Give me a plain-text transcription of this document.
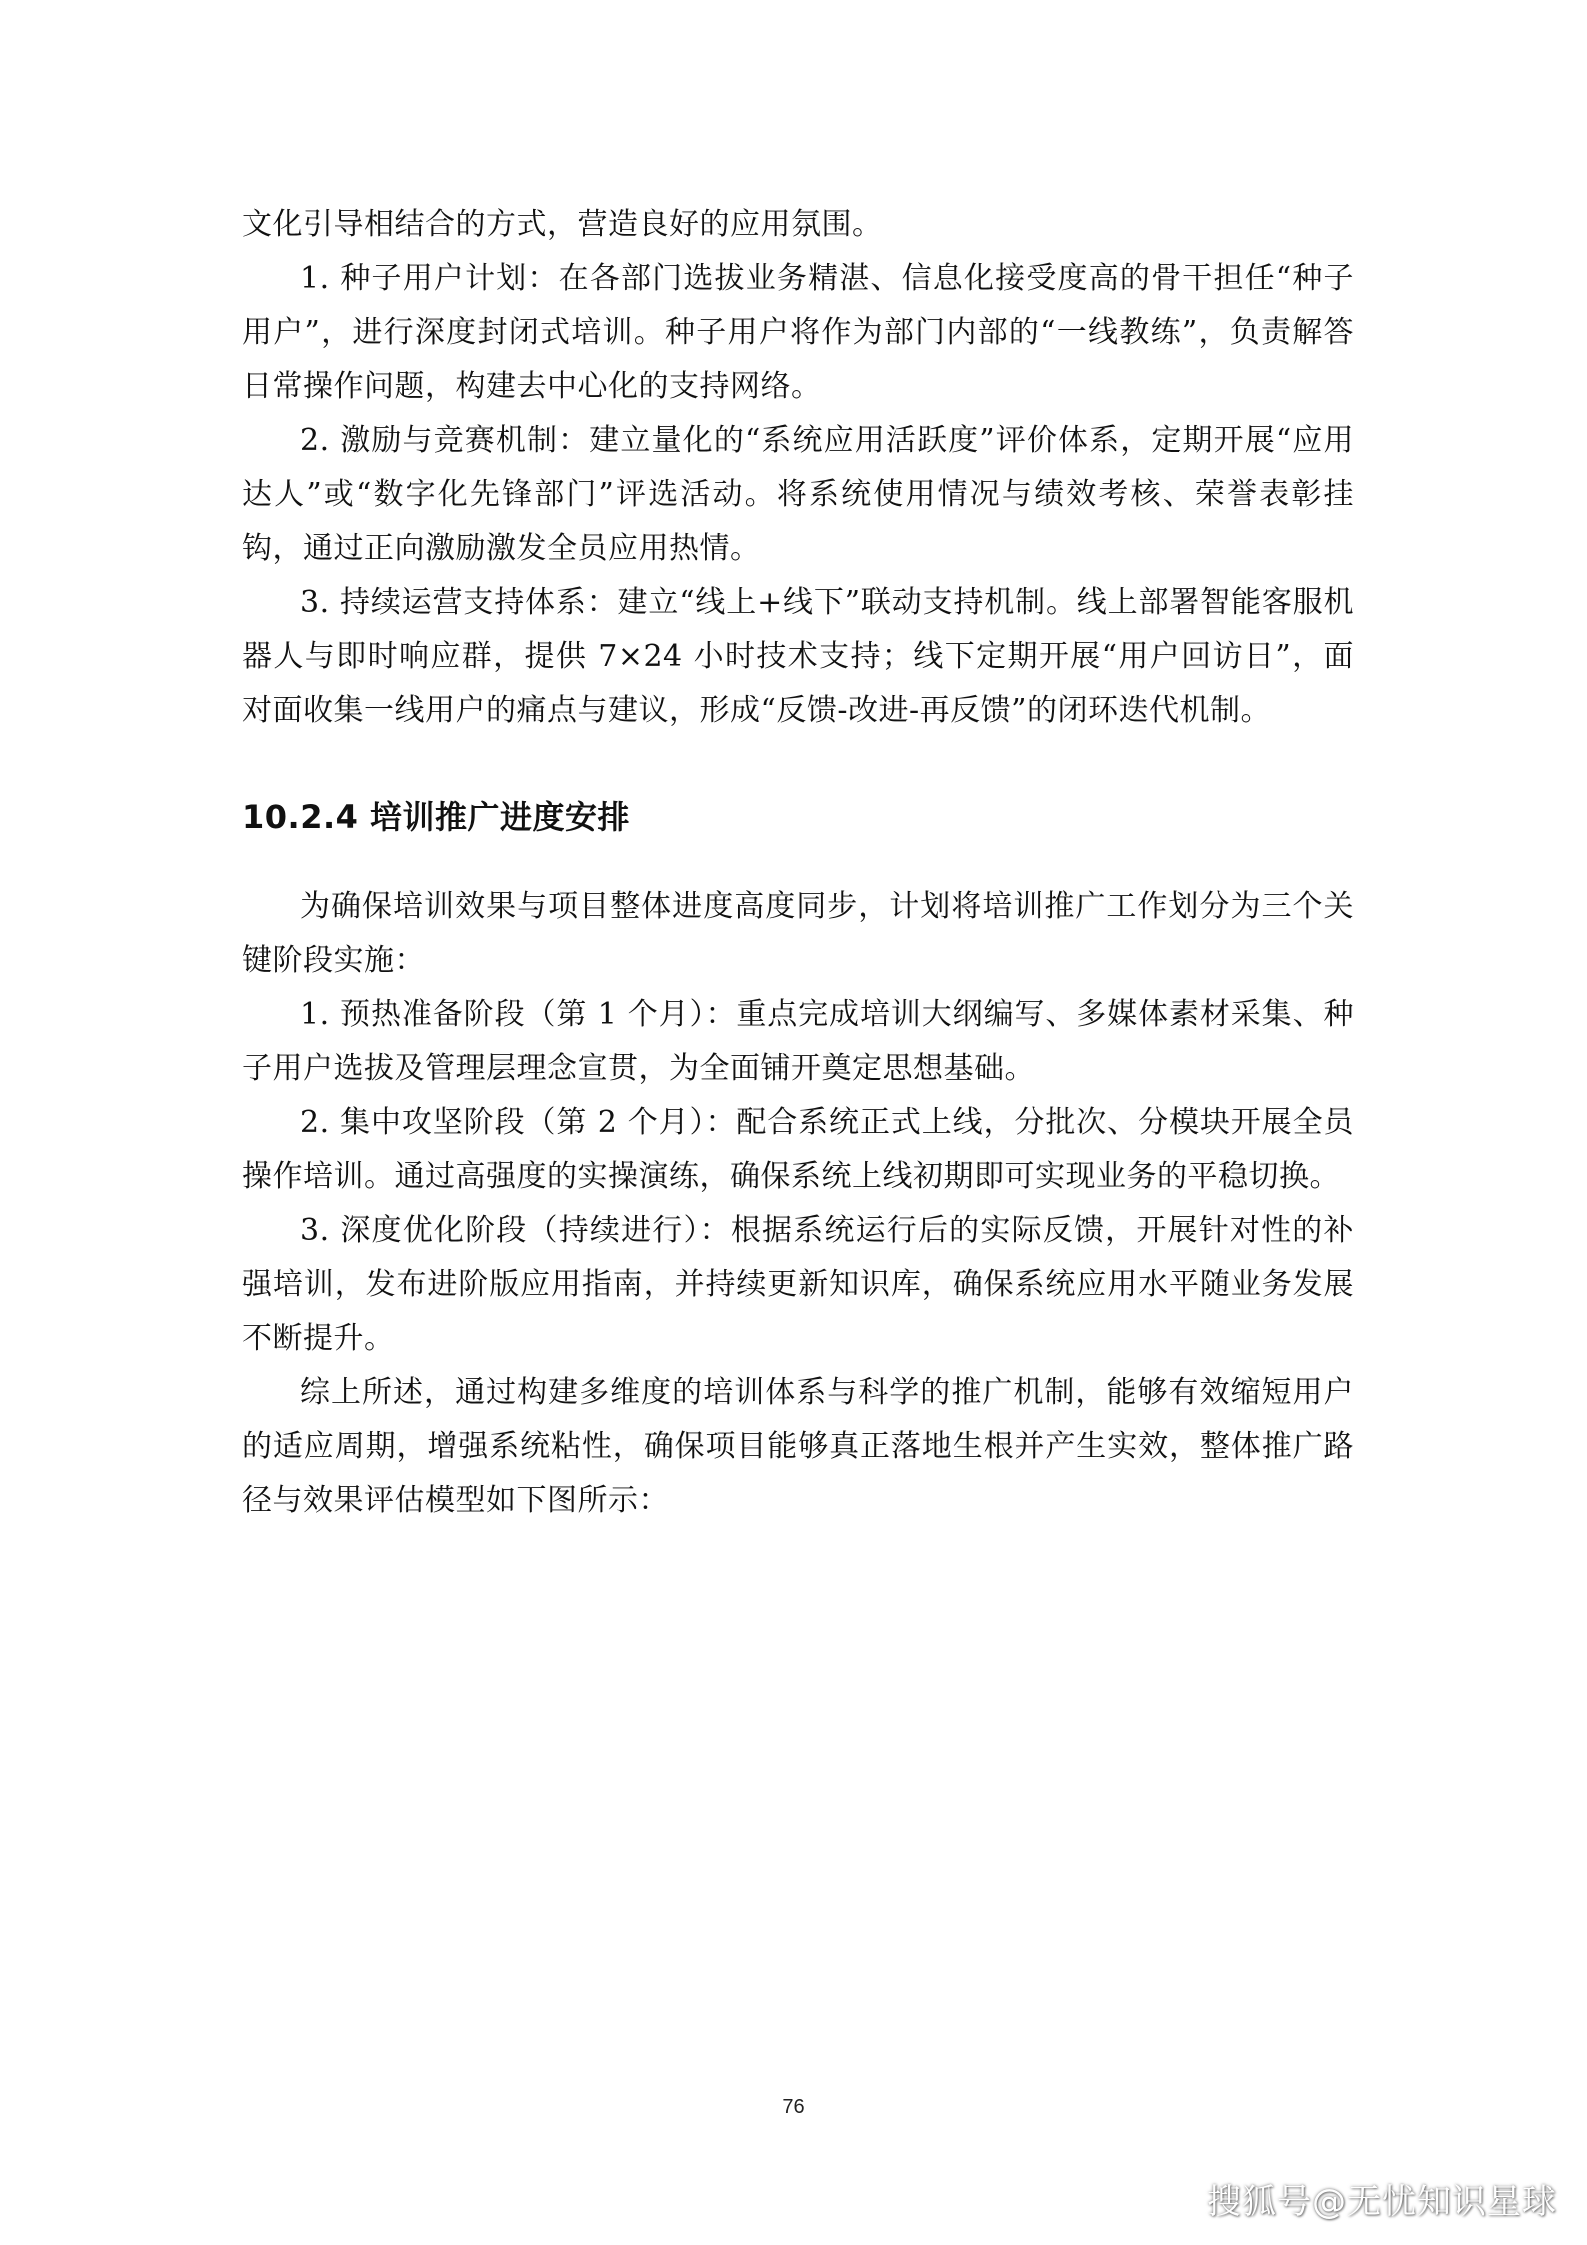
文化引导相结合的方式，营造良好的应用氛围。

1. 种子用户计划：在各部门选拔业务精湛、信息化接受度高的骨干担任“种子用户”，进行深度封闭式培训。种子用户将作为部门内部的“一线教练”，负责解答日常操作问题，构建去中心化的支持网络。

2. 激励与竞赛机制：建立量化的“系统应用活跃度”评价体系，定期开展“应用达人”或“数字化先锋部门”评选活动。将系统使用情况与绩效考核、荣誉表彰挂钩，通过正向激励激发全员应用热情。

3. 持续运营支持体系：建立“线上+线下”联动支持机制。线上部署智能客服机器人与即时响应群，提供 7×24 小时技术支持；线下定期开展“用户回访日”，面对面收集一线用户的痛点与建议，形成“反馈-改进-再反馈”的闭环迭代机制。

10.2.4 培训推广进度安排

为确保培训效果与项目整体进度高度同步，计划将培训推广工作划分为三个关键阶段实施：

1. 预热准备阶段（第 1 个月）：重点完成培训大纲编写、多媒体素材采集、种子用户选拔及管理层理念宣贯，为全面铺开奠定思想基础。

2. 集中攻坚阶段（第 2 个月）：配合系统正式上线，分批次、分模块开展全员操作培训。通过高强度的实操演练，确保系统上线初期即可实现业务的平稳切换。

3. 深度优化阶段（持续进行）：根据系统运行后的实际反馈，开展针对性的补强培训，发布进阶版应用指南，并持续更新知识库，确保系统应用水平随业务发展不断提升。

综上所述，通过构建多维度的培训体系与科学的推广机制，能够有效缩短用户的适应周期，增强系统粘性，确保项目能够真正落地生根并产生实效，整体推广路径与效果评估模型如下图所示：

76
搜狐号@无忧知识星球
